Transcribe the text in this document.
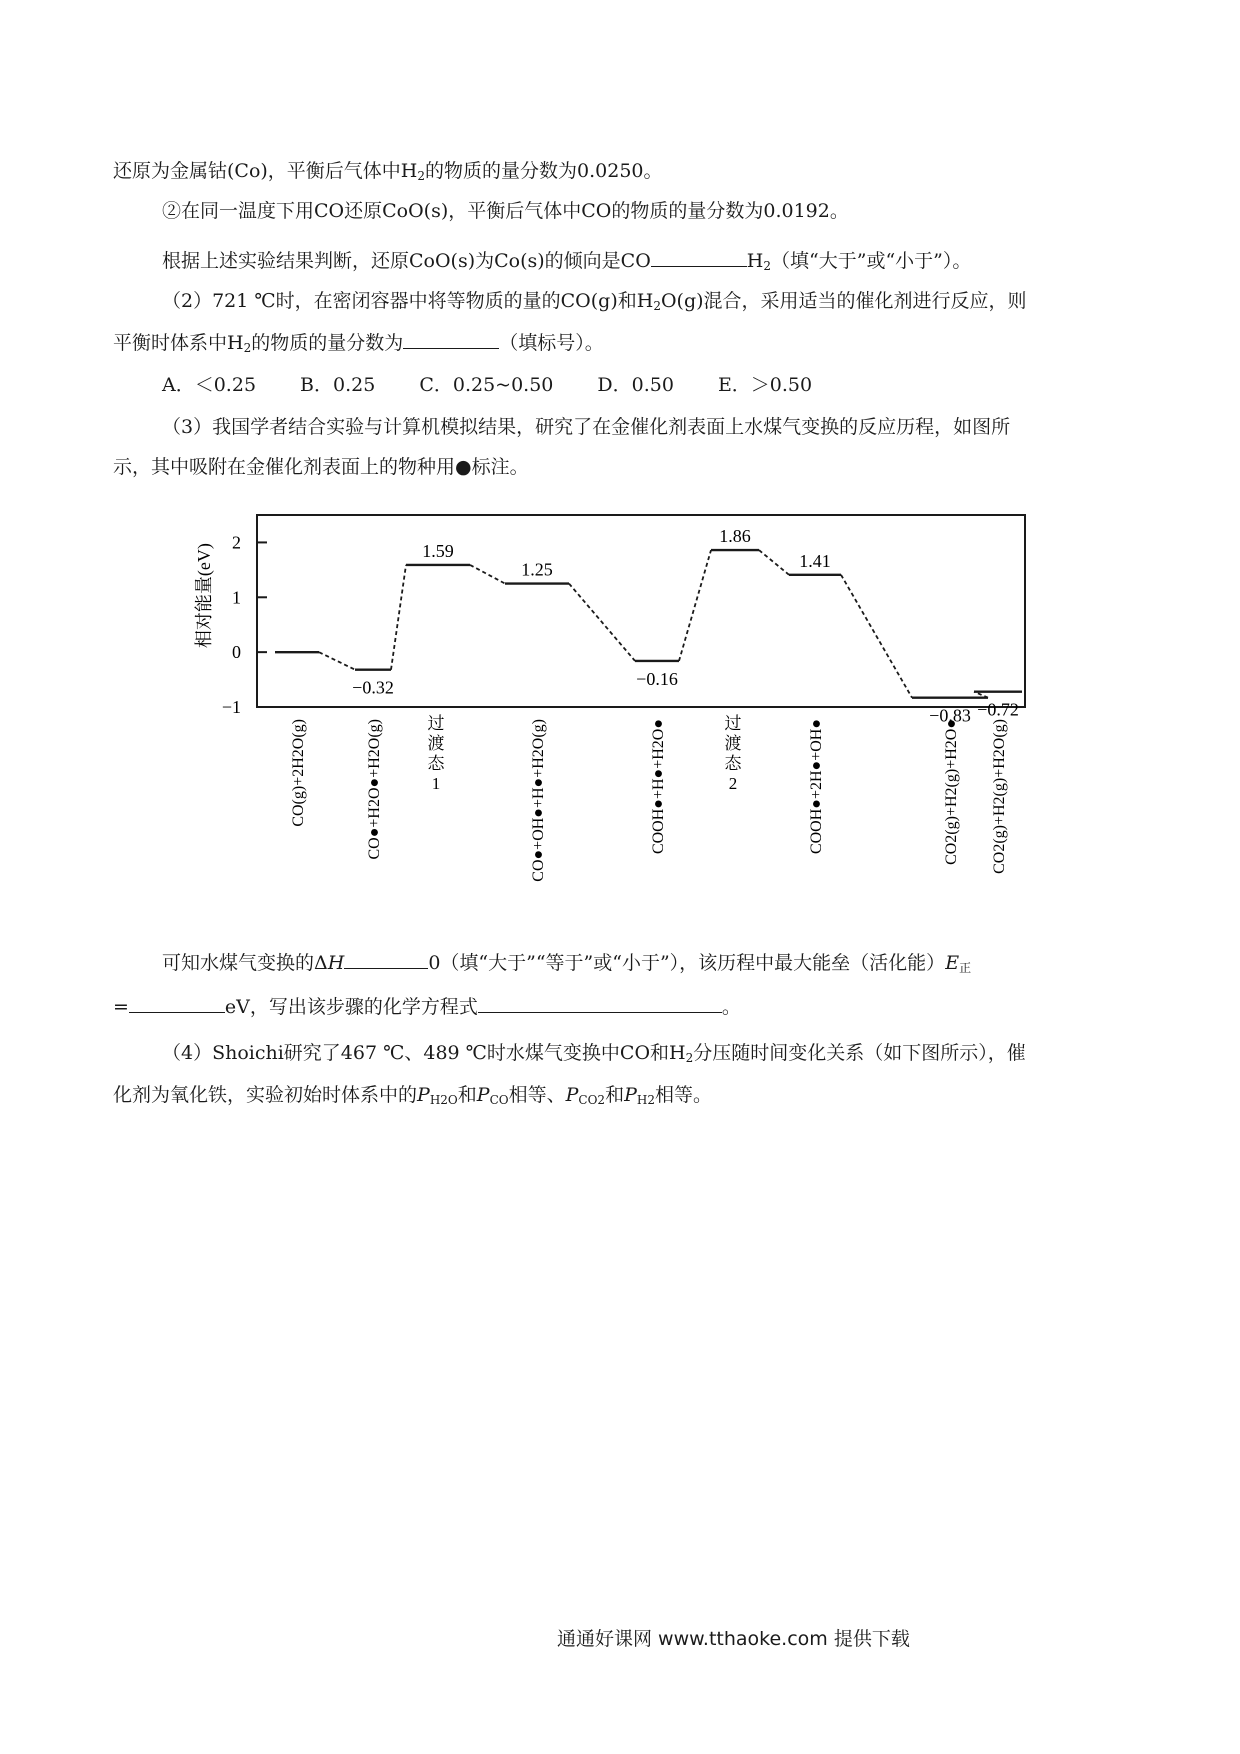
还原为金属钴(Co)，平衡后气体中$H_2$的物质的量分数为0.0250。
②在同一温度下用CO还原CoO(s)，平衡后气体中CO的物质的量分数为0.0192。
根据上述实验结果判断，还原CoO(s)为Co(s)的倾向是CO	$H_2$（填“大于”或“小于”）。
（2）721 ℃时，在密闭容器中将等物质的量的CO(g)和$H_2O(g)$混合，采用适当的催化剂进行反应，则
平衡时体系中$H_2$的物质的量分数为	（填标号）。
A．＜0.25 B．0.25 C．0.25~0.50 D．0.50 E．＞0.50
（3）我国学者结合实验与计算机模拟结果，研究了在金催化剂表面上水煤气变换的反应历程，如图所
示，其中吸附在金催化剂表面上的物种用●标注。
相对能量(eV)
2
1
0
−1
−0.32
1.59
1.25
−0.16
1.86
1.41
−0.83 −0.72
CO(g)+2H2O(g)	CO●+H2O●+H2O(g)	过
渡
态
1	CO●+OH●+H●+H2O(g)	COOH●+H●+H2O●	过
渡
态
2	COOH●+2H●+OH●	CO2(g)+H2(g)+H2O● CO2(g)+H2(g)+H2O(g)
可知水煤气变换的ΔH	0（填“大于”“等于”或“小于”），该历程中最大能垒（活化能）$E_正$
=	eV，写出该步骤的化学方程式	。
（4）Shoichi研究了467 ℃、489 ℃时水煤气变换中CO和$H_2$分压随时间变化关系（如下图所示），催
化剂为氧化铁，实验初始时体系中的$P_{H2O}$和$P_{CO}$相等、$P_{CO2}$和$P_{H2}$相等。
通通好课网 www.tthaoke.com 提供下载
